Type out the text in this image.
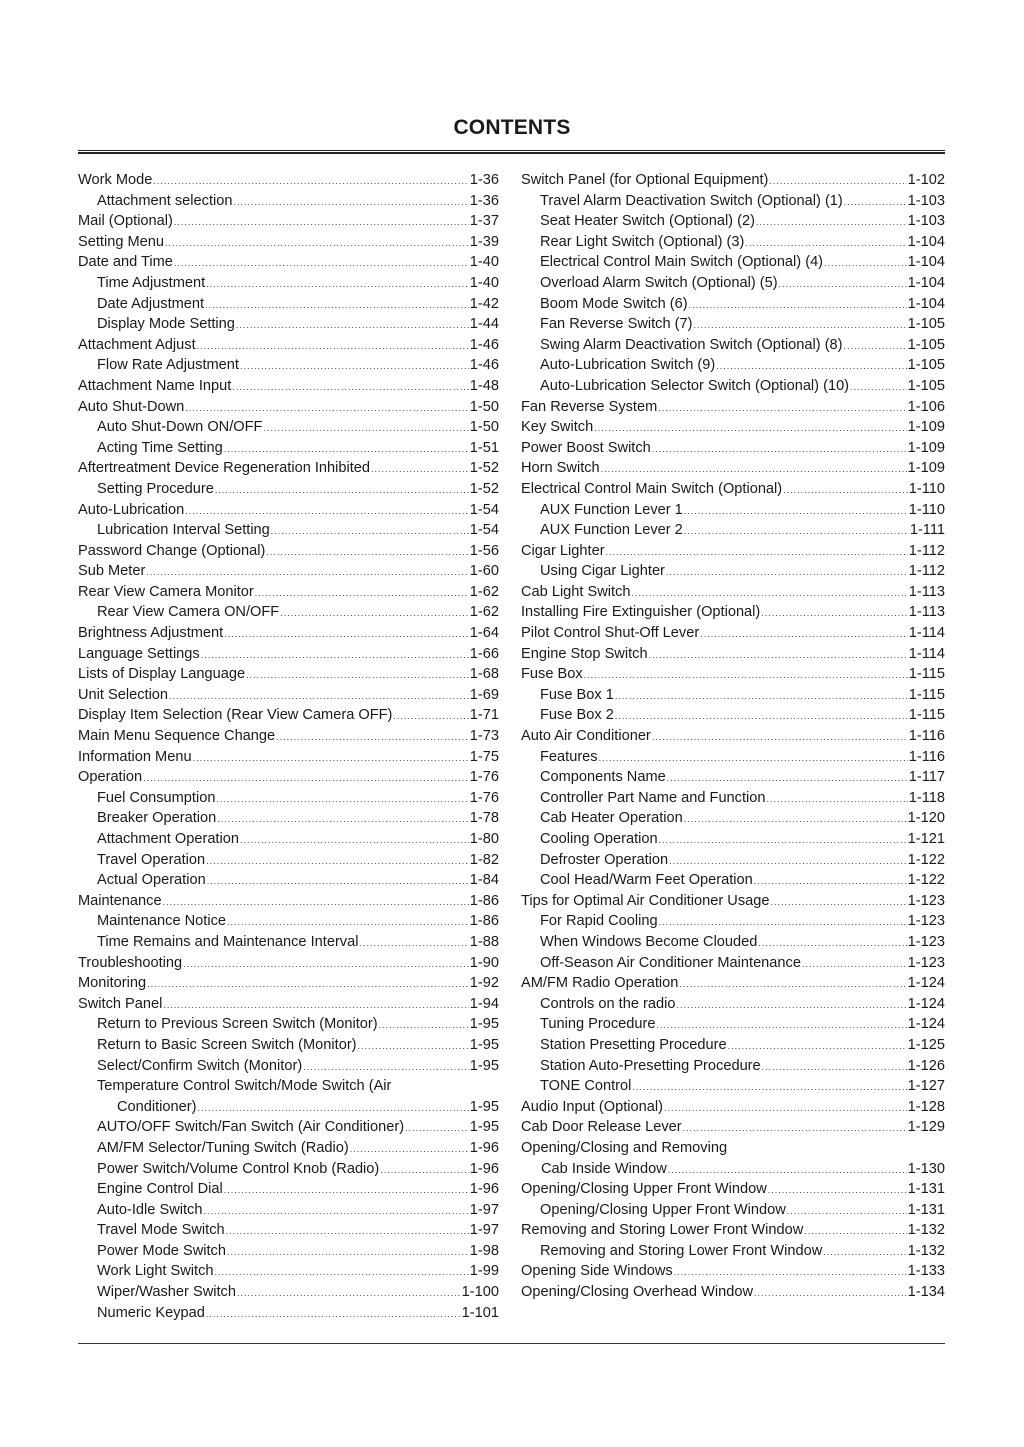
CONTENTS
Work Mode .....	1-36
Attachment selection .....	1-36
Mail (Optional) .....	1-37
Setting Menu .....	1-39
Date and Time .....	1-40
Time Adjustment .....	1-40
Date Adjustment .....	1-42
Display Mode Setting .....	1-44
Attachment Adjust .....	1-46
Flow Rate Adjustment .....	1-46
Attachment Name Input .....	1-48
Auto Shut-Down .....	1-50
Auto Shut-Down ON/OFF .....	1-50
Acting Time Setting .....	1-51
Aftertreatment Device Regeneration Inhibited .....	1-52
Setting Procedure .....	1-52
Auto-Lubrication .....	1-54
Lubrication Interval Setting .....	1-54
Password Change (Optional) .....	1-56
Sub Meter .....	1-60
Rear View Camera Monitor .....	1-62
Rear View Camera ON/OFF .....	1-62
Brightness Adjustment .....	1-64
Language Settings .....	1-66
Lists of Display Language .....	1-68
Unit Selection .....	1-69
Display Item Selection (Rear View Camera OFF) .....	1-71
Main Menu Sequence Change .....	1-73
Information Menu .....	1-75
Operation .....	1-76
Fuel Consumption .....	1-76
Breaker Operation .....	1-78
Attachment Operation .....	1-80
Travel Operation .....	1-82
Actual Operation .....	1-84
Maintenance .....	1-86
Maintenance Notice .....	1-86
Time Remains and Maintenance Interval .....	1-88
Troubleshooting .....	1-90
Monitoring .....	1-92
Switch Panel .....	1-94
Return to Previous Screen Switch (Monitor) .....	1-95
Return to Basic Screen Switch (Monitor) .....	1-95
Select/Confirm Switch (Monitor) .....	1-95
Temperature Control Switch/Mode Switch (Air
Conditioner) .....	1-95
AUTO/OFF Switch/Fan Switch (Air Conditioner) .....	1-95
AM/FM Selector/Tuning Switch (Radio) .....	1-96
Power Switch/Volume Control Knob (Radio) .....	1-96
Engine Control Dial .....	1-96
Auto-Idle Switch .....	1-97
Travel Mode Switch .....	1-97
Power Mode Switch .....	1-98
Work Light Switch .....	1-99
Wiper/Washer Switch .....	1-100
Numeric Keypad .....	1-101
Switch Panel (for Optional Equipment) .....	1-102
Travel Alarm Deactivation Switch (Optional) (1) .....	1-103
Seat Heater Switch (Optional) (2) .....	1-103
Rear Light Switch (Optional) (3) .....	1-104
Electrical Control Main Switch (Optional) (4) .....	1-104
Overload Alarm Switch (Optional) (5) .....	1-104
Boom Mode Switch (6) .....	1-104
Fan Reverse Switch (7) .....	1-105
Swing Alarm Deactivation Switch (Optional) (8) .....	1-105
Auto-Lubrication Switch (9) .....	1-105
Auto-Lubrication Selector Switch (Optional) (10) .....	1-105
Fan Reverse System .....	1-106
Key Switch .....	1-109
Power Boost Switch .....	1-109
Horn Switch .....	1-109
Electrical Control Main Switch (Optional) .....	1-110
AUX Function Lever 1 .....	1-110
AUX Function Lever 2 .....	1-111
Cigar Lighter .....	1-112
Using Cigar Lighter .....	1-112
Cab Light Switch .....	1-113
Installing Fire Extinguisher (Optional) .....	1-113
Pilot Control Shut-Off Lever .....	1-114
Engine Stop Switch .....	1-114
Fuse Box .....	1-115
Fuse Box 1 .....	1-115
Fuse Box 2 .....	1-115
Auto Air Conditioner .....	1-116
Features .....	1-116
Components Name .....	1-117
Controller Part Name and Function .....	1-118
Cab Heater Operation .....	1-120
Cooling Operation .....	1-121
Defroster Operation .....	1-122
Cool Head/Warm Feet Operation .....	1-122
Tips for Optimal Air Conditioner Usage .....	1-123
For Rapid Cooling .....	1-123
When Windows Become Clouded .....	1-123
Off-Season Air Conditioner Maintenance .....	1-123
AM/FM Radio Operation .....	1-124
Controls on the radio .....	1-124
Tuning Procedure .....	1-124
Station Presetting Procedure .....	1-125
Station Auto-Presetting Procedure .....	1-126
TONE Control .....	1-127
Audio Input (Optional) .....	1-128
Cab Door Release Lever .....	1-129
Opening/Closing and Removing
Cab Inside Window .....	1-130
Opening/Closing Upper Front Window .....	1-131
Opening/Closing Upper Front Window .....	1-131
Removing and Storing Lower Front Window .....	1-132
Removing and Storing Lower Front Window .....	1-132
Opening Side Windows .....	1-133
Opening/Closing Overhead Window .....	1-134
